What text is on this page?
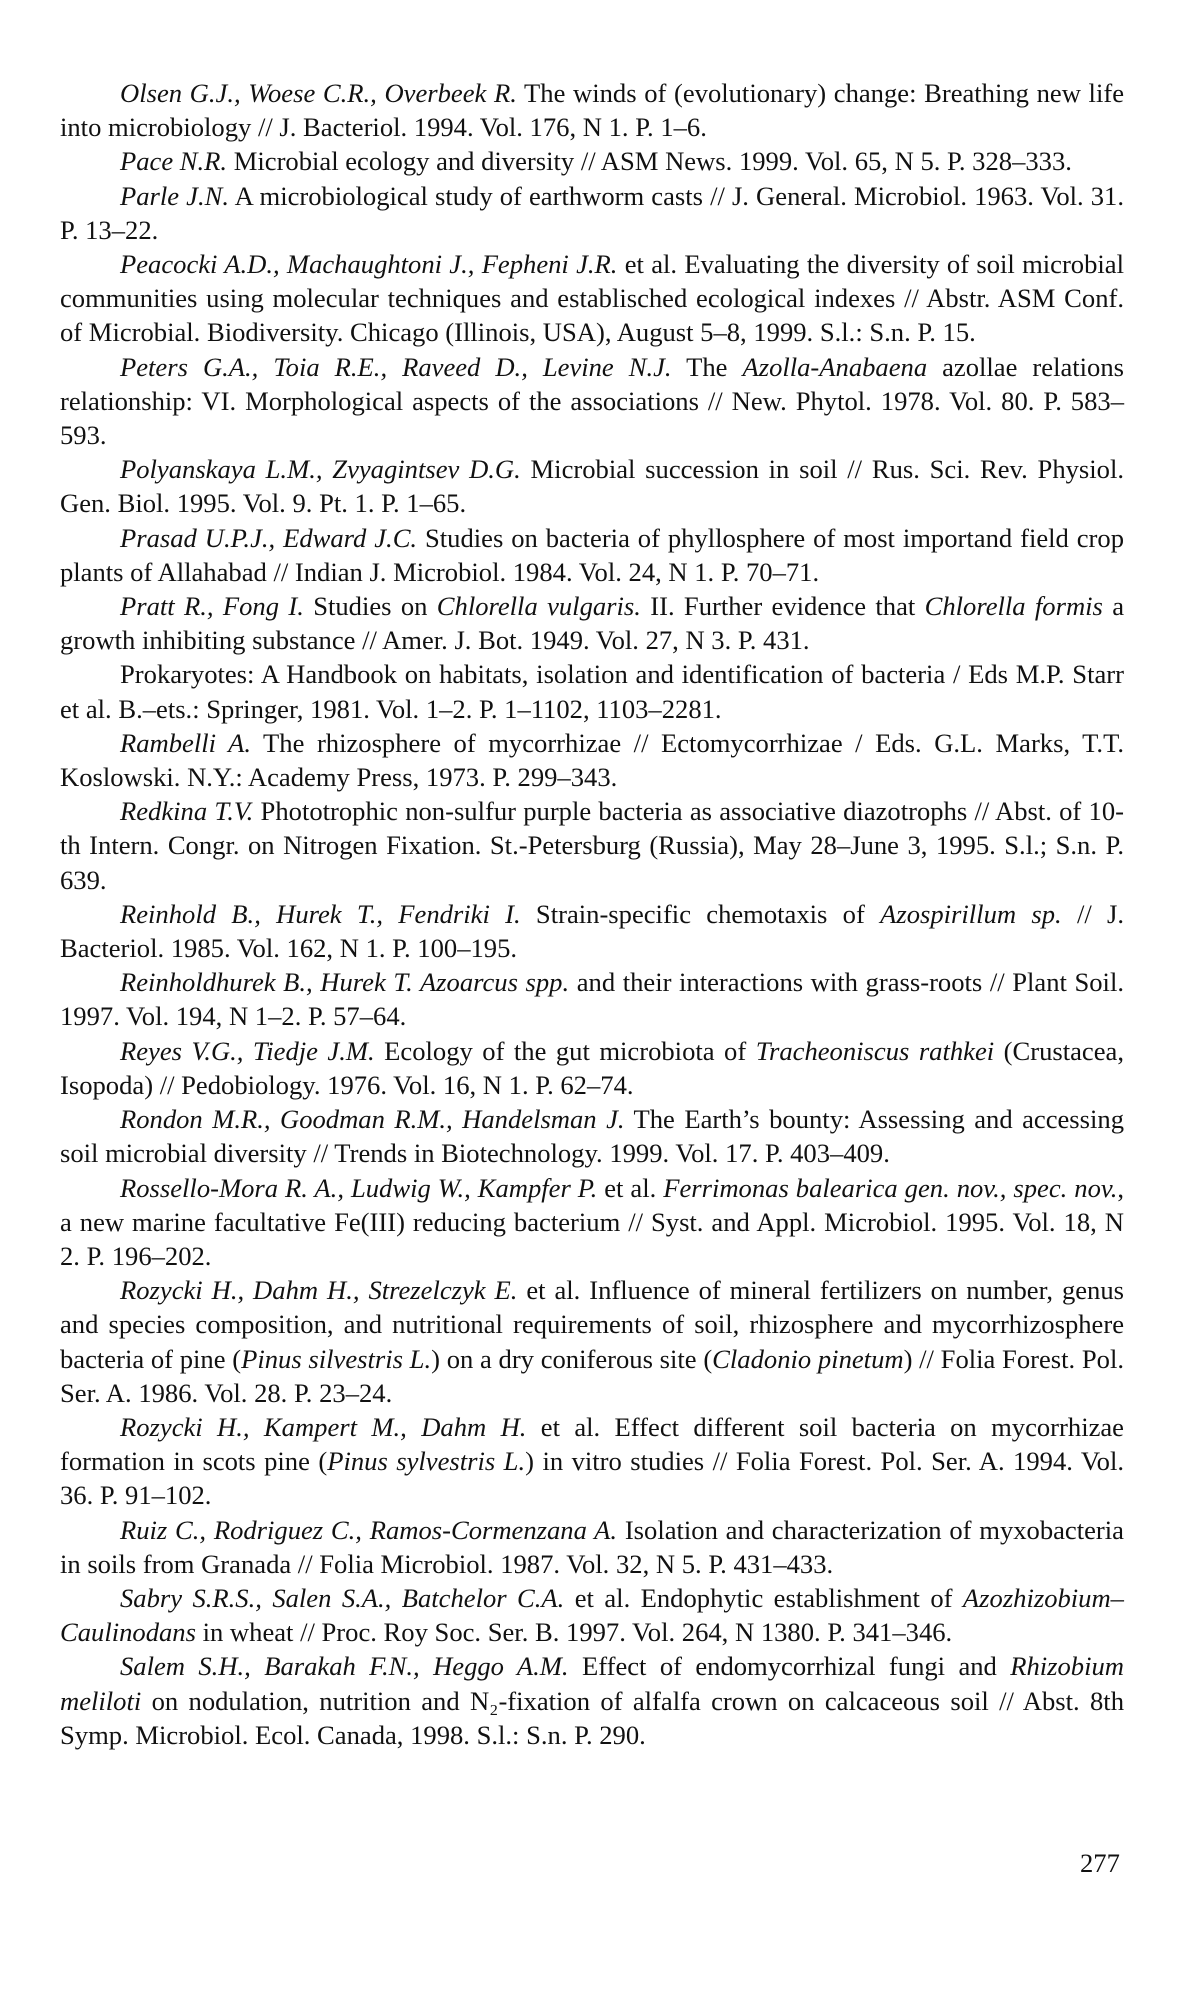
Olsen G.J., Woese C.R., Overbeek R. The winds of (evolutionary) change: Breathing new life into microbiology // J. Bacteriol. 1994. Vol. 176, N 1. P. 1–6.

Pace N.R. Microbial ecology and diversity // ASM News. 1999. Vol. 65, N 5. P. 328–333.

Parle J.N. A microbiological study of earthworm casts // J. General. Microbiol. 1963. Vol. 31. P. 13–22.

Peacocki A.D., Machaughtoni J., Fepheni J.R. et al. Evaluating the diversity of soil microbial communities using molecular techniques and establisched ecological indexes // Abstr. ASM Conf. of Microbial. Biodiversity. Chicago (Illinois, USA), August 5–8, 1999. S.l.: S.n. P. 15.

Peters G.A., Toia R.E., Raveed D., Levine N.J. The Azolla-Anabaena azollae relations relationship: VI. Morphological aspects of the associations // New. Phytol. 1978. Vol. 80. P. 583–593.

Polyanskaya L.M., Zvyagintsev D.G. Microbial succession in soil // Rus. Sci. Rev. Physiol. Gen. Biol. 1995. Vol. 9. Pt. 1. P. 1–65.

Prasad U.P.J., Edward J.C. Studies on bacteria of phyllosphere of most importand field crop plants of Allahabad // Indian J. Microbiol. 1984. Vol. 24, N 1. P. 70–71.

Pratt R., Fong I. Studies on Chlorella vulgaris. II. Further evidence that Chlorella formis a growth inhibiting substance // Amer. J. Bot. 1949. Vol. 27, N 3. P. 431.

Prokaryotes: A Handbook on habitats, isolation and identification of bacteria / Eds M.P. Starr et al. B.–ets.: Springer, 1981. Vol. 1–2. P. 1–1102, 1103–2281.

Rambelli A. The rhizosphere of mycorrhizae // Ectomycorrhizae / Eds. G.L. Marks, T.T. Koslowski. N.Y.: Academy Press, 1973. P. 299–343.

Redkina T.V. Phototrophic non-sulfur purple bacteria as associative diazotrophs // Abst. of 10-th Intern. Congr. on Nitrogen Fixation. St.-Petersburg (Russia), May 28–June 3, 1995. S.l.; S.n. P. 639.

Reinhold B., Hurek T., Fendriki I. Strain-specific chemotaxis of Azospirillum sp. // J. Bacteriol. 1985. Vol. 162, N 1. P. 100–195.

Reinholdhurek B., Hurek T. Azoarcus spp. and their interactions with grass-roots // Plant Soil. 1997. Vol. 194, N 1–2. P. 57–64.

Reyes V.G., Tiedje J.M. Ecology of the gut microbiota of Tracheoniscus rathkei (Crustacea, Isopoda) // Pedobiology. 1976. Vol. 16, N 1. P. 62–74.

Rondon M.R., Goodman R.M., Handelsman J. The Earth’s bounty: Assessing and accessing soil microbial diversity // Trends in Biotechnology. 1999. Vol. 17. P. 403–409.

Rossello-Mora R. A., Ludwig W., Kampfer P. et al. Ferrimonas balearica gen. nov., spec. nov., a new marine facultative Fe(III) reducing bacterium // Syst. and Appl. Microbiol. 1995. Vol. 18, N 2. P. 196–202.

Rozycki H., Dahm H., Strezelczyk E. et al. Influence of mineral fertilizers on number, genus and species composition, and nutritional requirements of soil, rhizosphere and mycorrhizosphere bacteria of pine (Pinus silvestris L.) on a dry coniferous site (Cladonio pinetum) // Folia Forest. Pol. Ser. A. 1986. Vol. 28. P. 23–24.

Rozycki H., Kampert M., Dahm H. et al. Effect different soil bacteria on mycorrhizae formation in scots pine (Pinus sylvestris L.) in vitro studies // Folia Forest. Pol. Ser. A. 1994. Vol. 36. P. 91–102.

Ruiz C., Rodriguez C., Ramos-Cormenzana A. Isolation and characterization of myxobacteria in soils from Granada // Folia Microbiol. 1987. Vol. 32, N 5. P. 431–433.

Sabry S.R.S., Salen S.A., Batchelor C.A. et al. Endophytic establishment of Azozhizobium–Caulinodans in wheat // Proc. Roy Soc. Ser. B. 1997. Vol. 264, N 1380. P. 341–346.

Salem S.H., Barakah F.N., Heggo A.M. Effect of endomycorrhizal fungi and Rhizobium meliloti on nodulation, nutrition and N₂-fixation of alfalfa crown on calcaceous soil // Abst. 8th Symp. Microbiol. Ecol. Canada, 1998. S.l.: S.n. P. 290.

277
